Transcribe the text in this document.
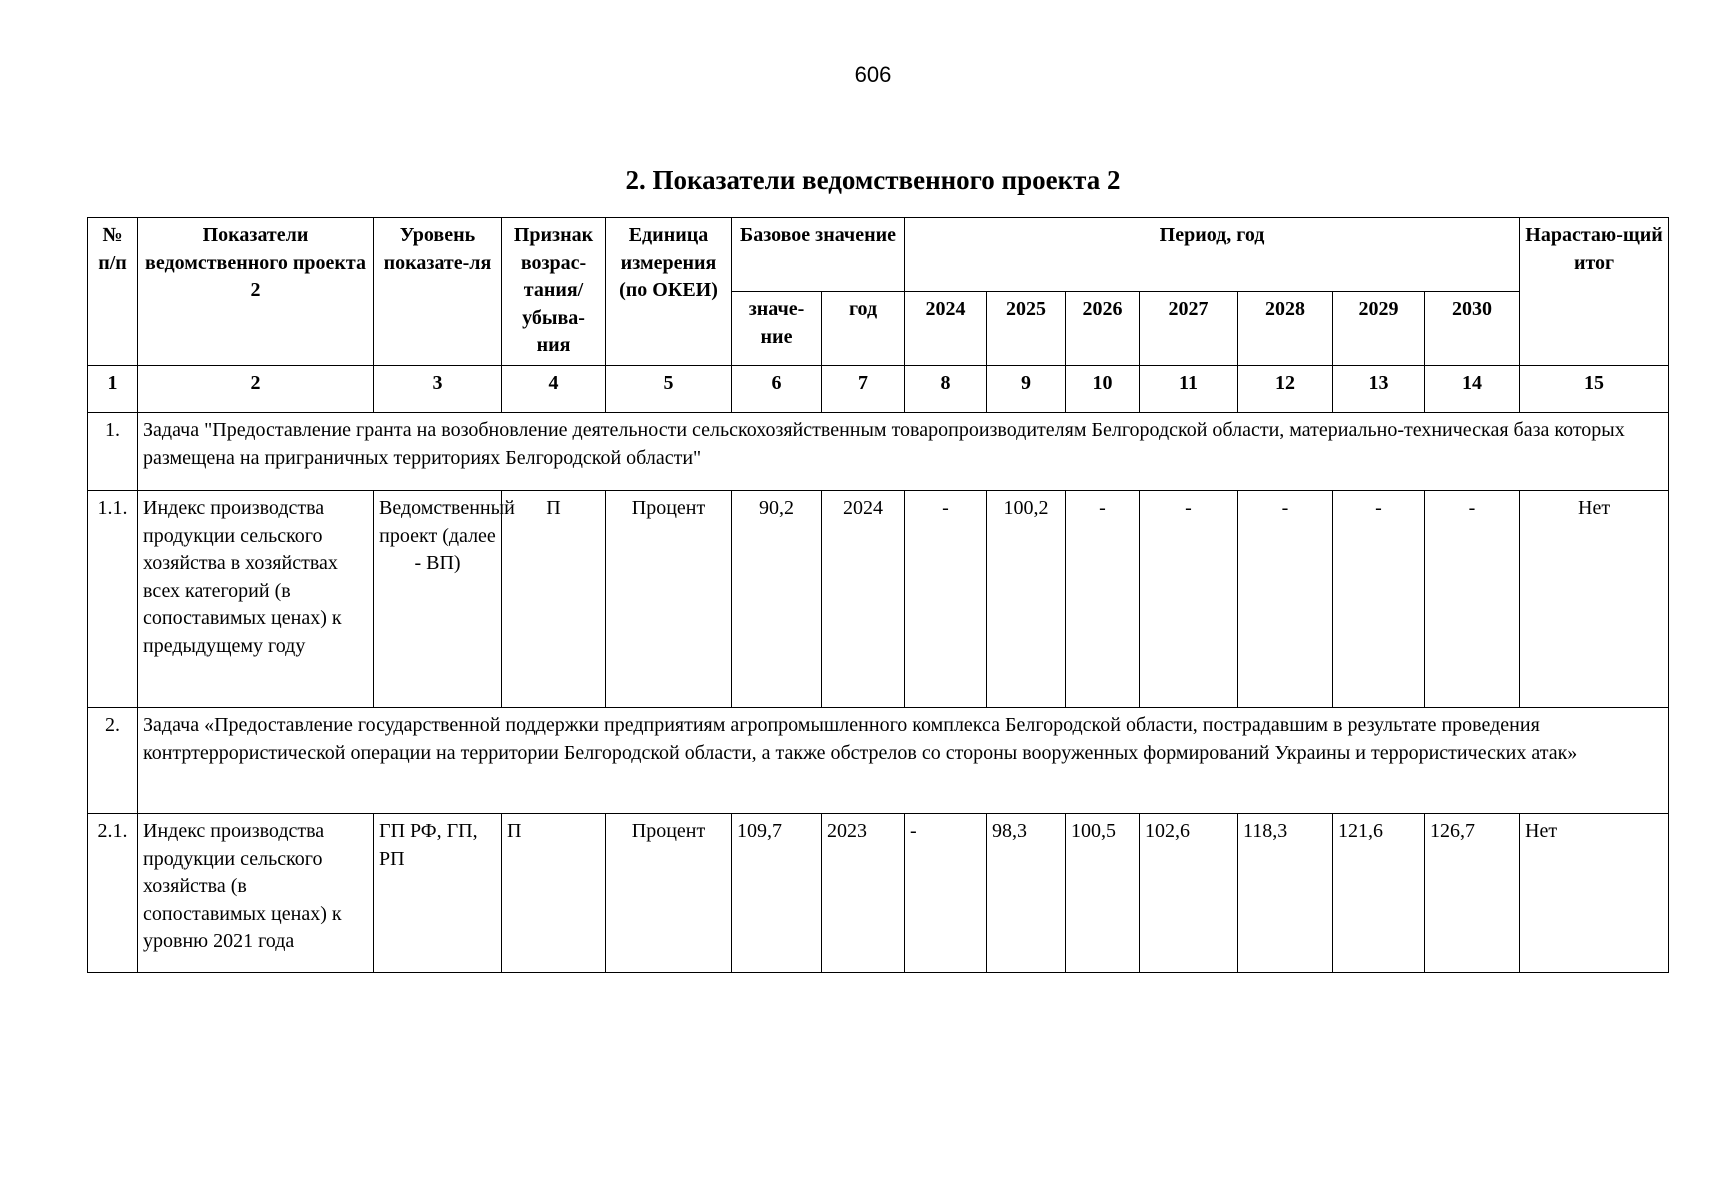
606
2. Показатели ведомственного проекта 2
№ п/п	Показатели ведомственного проекта 2	Уровень показате-ля	Признак возрас-тания/ убыва-ния	Единица измерения (по ОКЕИ)	Базовое значение		Период, год							Нарастаю-щий итог
					значе-ние	год	2024	2025	2026	2027	2028	2029	2030	
1	2	3	4	5	6	7	8	9	10	11	12	13	14	15
1.	Задача "Предоставление гранта на возобновление деятельности сельскохозяйственным товаропроизводителям Белгородской области, материально-техническая база которых размещена на приграничных территориях Белгородской области"													
1.1.	Индекс производства продукции сельского хозяйства в хозяйствах всех категорий (в сопоставимых ценах) к предыдущему году	Ведомственный проект (далее - ВП)	П	Процент	90,2	2024	-	100,2	-	-	-	-	-	Нет
2.	Задача «Предоставление государственной поддержки предприятиям агропромышленного комплекса Белгородской области, пострадавшим в результате проведения контртеррористической операции на территории Белгородской области, а также обстрелов со стороны вооруженных формирований Украины и террористических атак»													
2.1.	Индекс производства продукции сельского хозяйства (в сопоставимых ценах) к уровню 2021 года	ГП РФ, ГП, РП	П	Процент	109,7	2023	-	98,3	100,5	102,6	118,3	121,6	126,7	Нет
